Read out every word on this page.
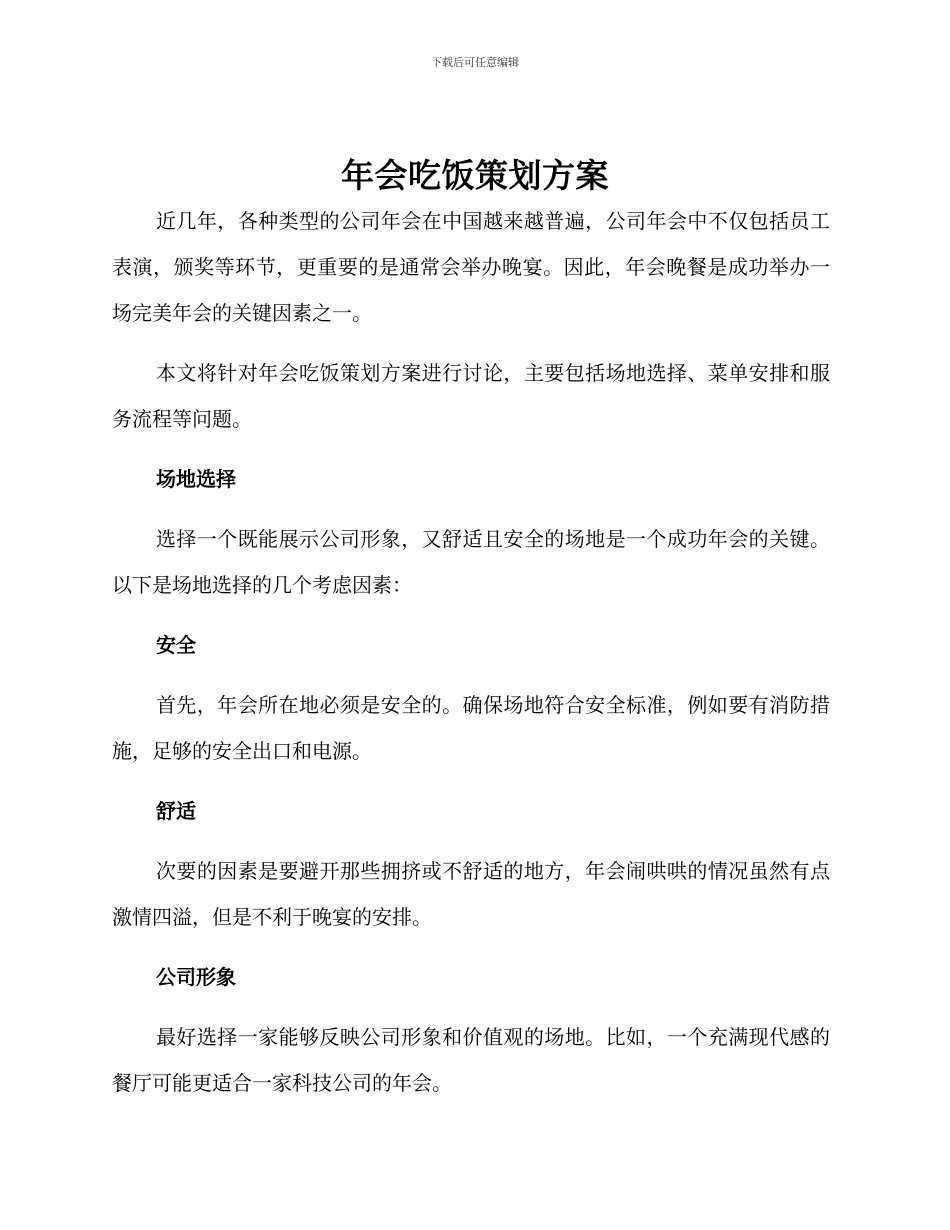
下载后可任意编辑
年会吃饭策划方案

近几年，各种类型的公司年会在中国越来越普遍，公司年会中不仅包括员工表演，颁奖等环节，更重要的是通常会举办晚宴。因此，年会晚餐是成功举办一场完美年会的关键因素之一。

本文将针对年会吃饭策划方案进行讨论，主要包括场地选择、菜单安排和服务流程等问题。

场地选择

选择一个既能展示公司形象，又舒适且安全的场地是一个成功年会的关键。以下是场地选择的几个考虑因素：

安全

首先，年会所在地必须是安全的。确保场地符合安全标准，例如要有消防措施，足够的安全出口和电源。

舒适

次要的因素是要避开那些拥挤或不舒适的地方，年会闹哄哄的情况虽然有点激情四溢，但是不利于晚宴的安排。

公司形象

最好选择一家能够反映公司形象和价值观的场地。比如，一个充满现代感的餐厅可能更适合一家科技公司的年会。
